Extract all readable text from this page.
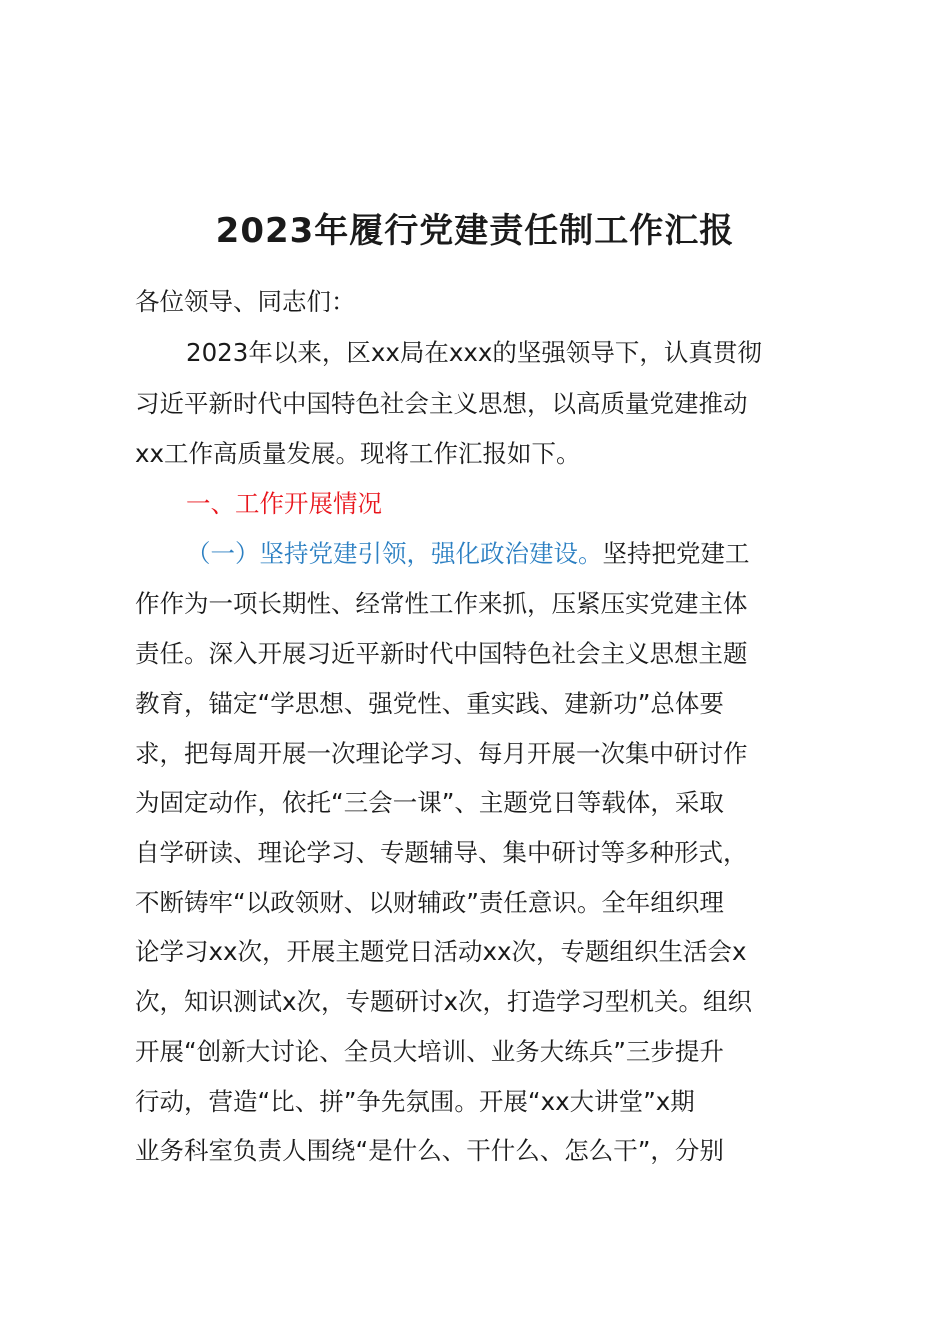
2023年履行党建责任制工作汇报

各位领导、同志们：

2023年以来，区xx局在xxx的坚强领导下，认真贯彻

习近平新时代中国特色社会主义思想，以高质量党建推动

xx工作高质量发展。现将工作汇报如下。

一、工作开展情况

（一）坚持党建引领，强化政治建设。坚持把党建工

作作为一项长期性、经常性工作来抓，压紧压实党建主体

责任。深入开展习近平新时代中国特色社会主义思想主题

教育，锚定“学思想、强党性、重实践、建新功”总体要

求，把每周开展一次理论学习、每月开展一次集中研讨作

为固定动作，依托“三会一课”、主题党日等载体，采取

自学研读、理论学习、专题辅导、集中研讨等多种形式，

不断铸牢“以政领财、以财辅政”责任意识。全年组织理

论学习xx次，开展主题党日活动xx次，专题组织生活会x

次，知识测试x次，专题研讨x次，打造学习型机关。组织

开展“创新大讨论、全员大培训、业务大练兵”三步提升

行动，营造“比、拼”争先氛围。开展“xx大讲堂”x期

业务科室负责人围绕“是什么、干什么、怎么干”，分别
